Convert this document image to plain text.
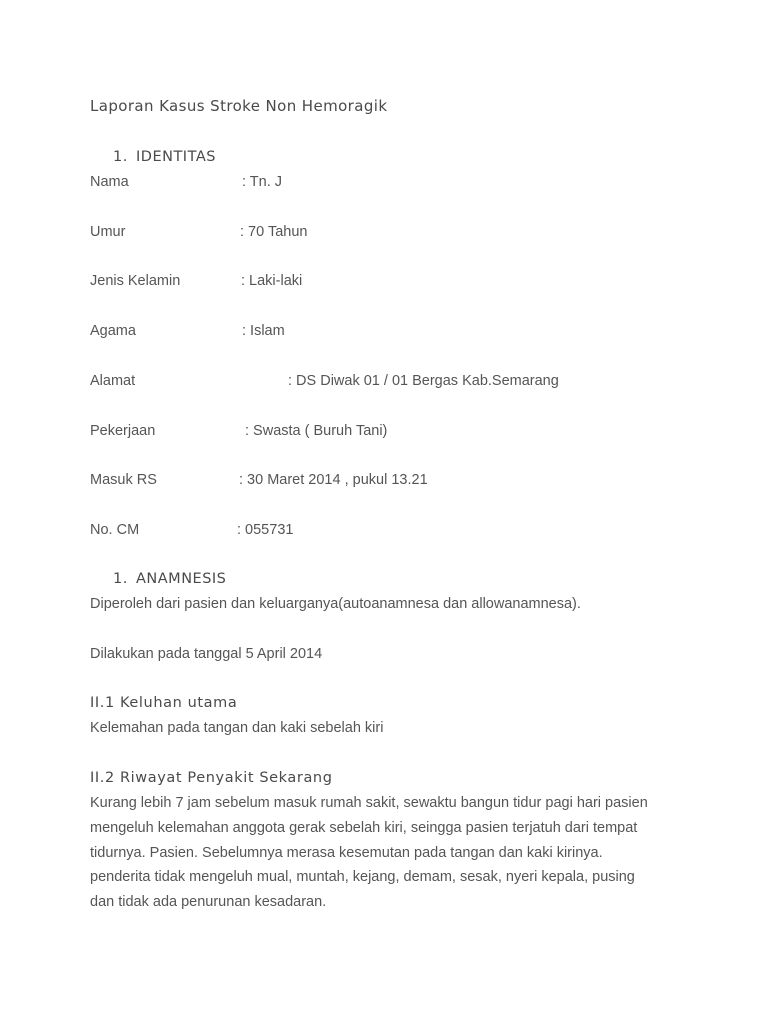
Laporan Kasus Stroke Non Hemoragik
1. IDENTITAS
Nama	: Tn. J
Umur	: 70 Tahun
Jenis Kelamin	: Laki-laki
Agama	: Islam
Alamat	: DS Diwak 01 / 01 Bergas Kab.Semarang
Pekerjaan	: Swasta ( Buruh Tani)
Masuk RS	: 30 Maret 2014 , pukul 13.21
No. CM	: 055731
1. ANAMNESIS
Diperoleh dari pasien dan keluarganya(autoanamnesa dan allowanamnesa).
Dilakukan pada tanggal 5 April 2014
II.1 Keluhan utama
Kelemahan pada tangan dan kaki sebelah kiri
II.2 Riwayat Penyakit Sekarang
Kurang lebih 7 jam sebelum masuk rumah sakit, sewaktu bangun tidur pagi hari pasien
mengeluh kelemahan anggota gerak sebelah kiri, seingga pasien terjatuh dari tempat
tidurnya. Pasien. Sebelumnya merasa kesemutan pada tangan dan kaki kirinya.
penderita tidak mengeluh mual, muntah, kejang, demam, sesak, nyeri kepala, pusing
dan tidak ada penurunan kesadaran.
